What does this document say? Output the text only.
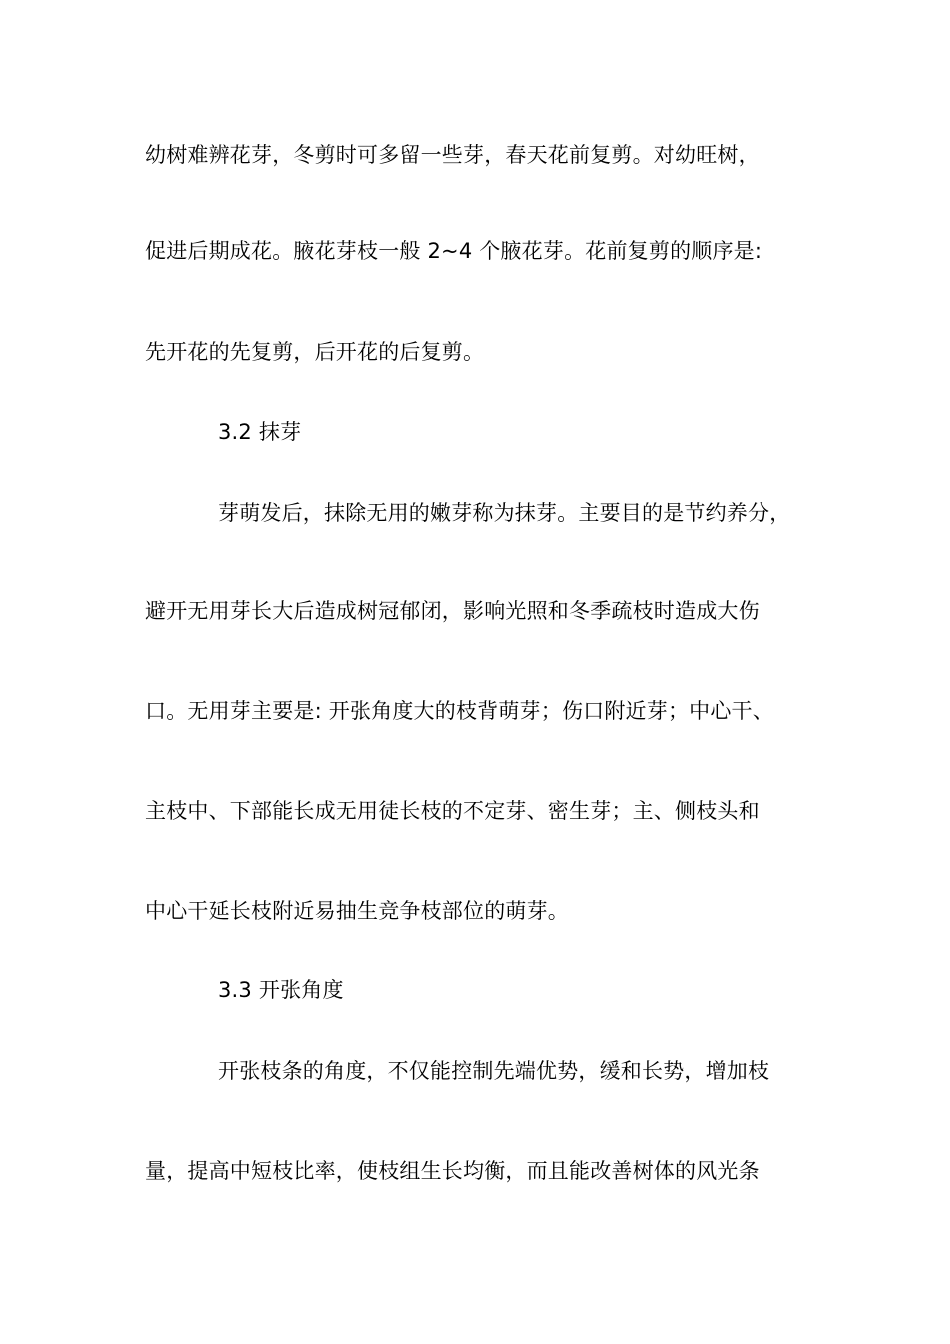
幼树难辨花芽，冬剪时可多留一些芽，春天花前复剪。对幼旺树，
促进后期成花。腋花芽枝一般 2~4 个腋花芽。花前复剪的顺序是:
先开花的先复剪，后开花的后复剪。
3.2 抹芽
芽萌发后，抹除无用的嫩芽称为抹芽。主要目的是节约养分，
避开无用芽长大后造成树冠郁闭，影响光照和冬季疏枝时造成大伤
口。无用芽主要是: 开张角度大的枝背萌芽；伤口附近芽；中心干、
主枝中、下部能长成无用徒长枝的不定芽、密生芽；主、侧枝头和
中心干延长枝附近易抽生竞争枝部位的萌芽。
3.3 开张角度
开张枝条的角度，不仅能控制先端优势，缓和长势，增加枝
量，提高中短枝比率，使枝组生长均衡，而且能改善树体的风光条
